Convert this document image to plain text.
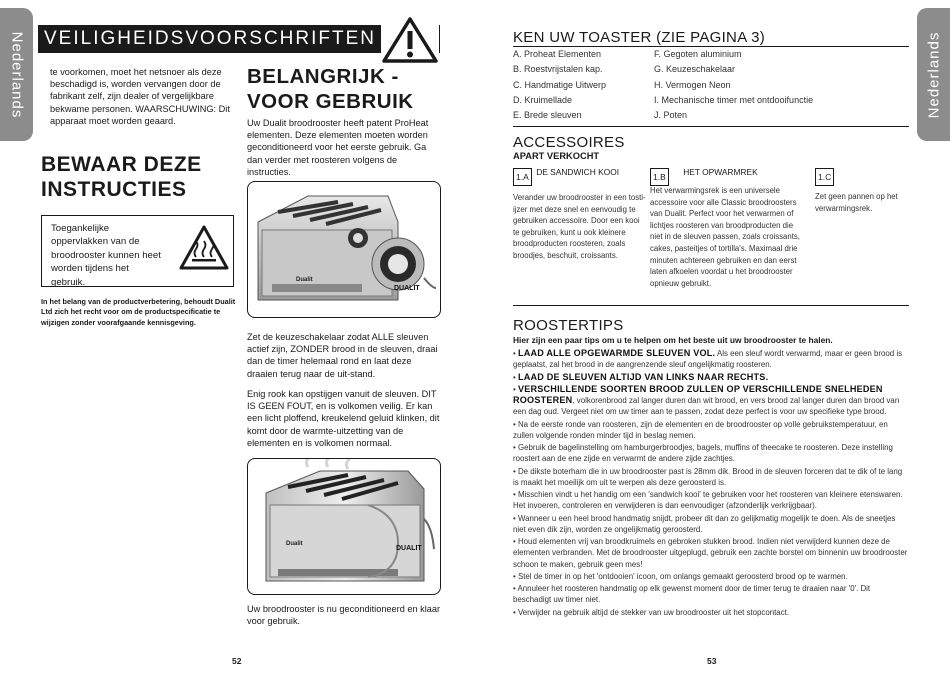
Nederlands	VEILIGHEIDSVOORSCHRIFTEN
te voorkomen, moet het netsnoer als deze beschadigd is, worden vervangen door de fabrikant zelf, zijn dealer of vergelijkbare bekwame personen. WAARSCHUWING: Dit apparaat moet worden geaard.
BEWAAR DEZE INSTRUCTIES
Toegankelijke oppervlakken van de broodrooster kunnen heet worden tijdens het gebruik.
In het belang van de productverbetering, behoudt Dualit Ltd zich het recht voor om de productspecificatie te wijzigen zonder voorafgaande kennisgeving.
BELANGRIJK - VOOR GEBRUIK
Uw Dualit broodrooster heeft patent ProHeat elementen. Deze elementen moeten worden geconditioneerd voor het eerste gebruik. Ga dan verder met roosteren volgens de instructies.
Dualit
DUALIT
Zet de keuzeschakelaar zodat ALLE sleuven actief zijn, ZONDER brood in de sleuven, draai dan de timer helemaal rond en laat deze draaien terug naar de uit-stand.
Enig rook kan opstijgen vanuit de sleuven. DIT IS GEEN FOUT, en is volkomen veilig. Er kan een licht ploffend, kreukelend geluid klinken, dit komt door de warmte-uitzetting van de elementen en is volkomen normaal.
Dualit
DUALIT
Uw broodrooster is nu geconditioneerd en klaar voor gebruik.
52
Nederlands
KEN UW TOASTER (ZIE PAGINA 3)
A. Proheat Elementen
B. Roestvrijstalen kap.
C. Handmatige Uitwerp
D. Kruimellade
E. Brede sleuven
F. Gegoten aluminium
G. Keuzeschakelaar
H. Vermogen Neon
I. Mechanische timer met ontdooifunctie
J. Poten
ACCESSOIRES
APART VERKOCHT
1.A $^{DE SANDWICH KOOI}$
Verander uw broodrooster in een tosti-ijzer met deze snel en eenvoudig te gebruiken accessoire. Door een kooi te gebruiken, kunt u ook kleinere broodproducten roosteren, zoals broodjes, beschuit, croissants.
1.B $^{HET OPWARMREK}$
Het verwarmingsrek is een universele accessoire voor alle Classic broodroosters van Dualit. Perfect voor het verwarmen of lichtjes roosteren van broodproducten die niet in de sleuven passen, zoals croissants, cakes, pasteitjes of tortilla's. Maximaal drie minuten achtereen gebruiken en dan eerst laten afkoelen voordat u het broodrooster opnieuw gebruikt.
1.C
Zet geen pannen op het verwarmingsrek.
ROOSTERTIPS
Hier zijn een paar tips om u te helpen om het beste uit uw broodrooster te halen.
• LAAD ALLE OPGEWARMDE SLEUVEN VOL. Als een sleuf wordt verwarmd, maar er geen brood is geplaatst, zal het brood in de aangrenzende sleuf ongelijkmatig roosteren.
• LAAD DE SLEUVEN ALTIJD VAN LINKS NAAR RECHTS.
• VERSCHILLENDE SOORTEN BROOD ZULLEN OP VERSCHILLENDE SNELHEDEN ROOSTEREN, volkorenbrood zal langer duren dan wit brood, en vers brood zal langer duren dan brood van een dag oud. Vergeet niet om uw timer aan te passen, zodat deze perfect is voor uw specifieke type brood.
• Na de eerste ronde van roosteren, zijn de elementen en de broodrooster op volle gebruikstemperatuur, en zullen volgende ronden minder tijd in beslag nemen.
• Gebruik de bagelinstelling om hamburgerbroodjes, bagels, muffins of theecake te roosteren. Deze instelling roostert aan de ene zijde en verwarmt de andere zijde zachtjes.
• De dikste boterham die in uw broodrooster past is 28mm dik. Brood in de sleuven forceren dat te dik of te lang is maakt het moeilijk om uit te werpen als deze geroosterd is.
• Misschien vindt u het handig om een 'sandwich kooi' te gebruiken voor het roosteren van kleinere etenswaren. Het invoeren, controleren en verwijderen is dan eenvoudiger (afzonderlijk verkrijgbaar).
• Wanneer u een heel brood handmatig snijdt, probeer dit dan zo gelijkmatig mogelijk te doen. Als de sneetjes niet even dik zijn, worden ze ongelijkmatig geroosterd.
• Houd elementen vrij van broodkruimels en gebroken stukken brood. Indien niet verwijderd kunnen deze de elementen verbranden. Met de broodrooster uitgeplugd, gebruik een zachte borstel om binnenin uw broodrooster schoon te maken, gebruik geen mes!
• Stel de timer in op het 'ontdooien' icoon, om onlangs gemaakt geroosterd brood op te warmen.
• Annuleer het roosteren handmatig op elk gewenst moment door de timer terug te draaien naar '0'. Dit beschadigt uw timer niet.
• Verwijder na gebruik altijd de stekker van uw broodrooster uit het stopcontact.
53
